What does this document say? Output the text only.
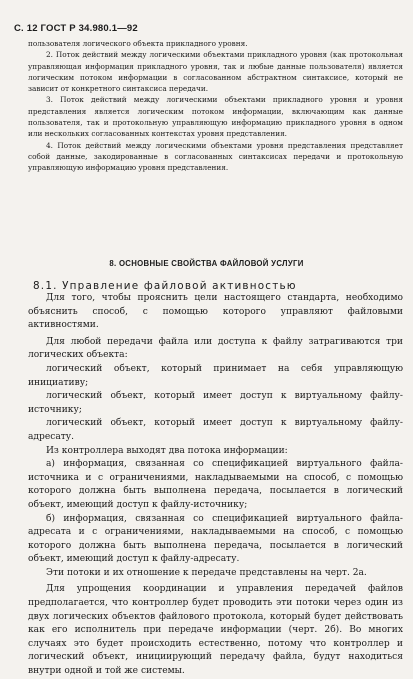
С. 12 ГОСТ Р 34.980.1—92

пользователя логического объекта прикладного уровня.

2. Поток действий между логическими объектами прикладного уровня (как протокольная управляющая информация прикладного уровня, так и любые данные пользователя) является логическим потоком информации в согласованном абстрактном синтаксисе, который не зависит от конкретного синтаксиса передачи.

3. Поток действий между логическими объектами прикладного уровня и уровня представления является логическим потоком информации, включающим как данные пользователя, так и протокольную управляющую информацию прикладного уровня в одном или нескольких согласованных контекстах уровня представления.

4. Поток действий между логическими объектами уровня представления представляет собой данные, закодированные в согласованных синтаксисах передачи и протокольную управляющую информацию уровня представления.

8. ОСНОВНЫЕ СВОЙСТВА ФАЙЛОВОЙ УСЛУГИ
8.1. Управление файловой активностью

Для того, чтобы прояснить цели настоящего стандарта, необходимо объяснить способ, с помощью которого управляют файловыми активностями.

Для любой передачи файла или доступа к файлу затрагиваются три логических объекта:

логический объект, который принимает на себя управляющую инициативу;

логический объект, который имеет доступ к виртуальному файлу-источнику;

логический объект, который имеет доступ к виртуальному файлу-адресату.

Из контроллера выходят два потока информации:

а) информация, связанная со спецификацией виртуального файла-источника и с ограничениями, накладываемыми на способ, с помощью которого должна быть выполнена передача, посылается в логический объект, имеющий доступ к файлу-источнику;

б) информация, связанная со спецификацией виртуального файла-адресата и с ограничениями, накладываемыми на способ, с помощью которого должна быть выполнена передача, посылается в логический объект, имеющий доступ к файлу-адресату.

Эти потоки и их отношение к передаче представлены на черт. 2а.

Для упрощения координации и управления передачей файлов предполагается, что контроллер будет проводить эти потоки через один из двух логических объектов файлового протокола, который будет действовать как его исполнитель при передаче информации (черт. 2б). Во многих случаях это будет происходить естественно, потому что контроллер и логический объект, инициирующий передачу файла, будут находиться внутри одной и той же системы.
